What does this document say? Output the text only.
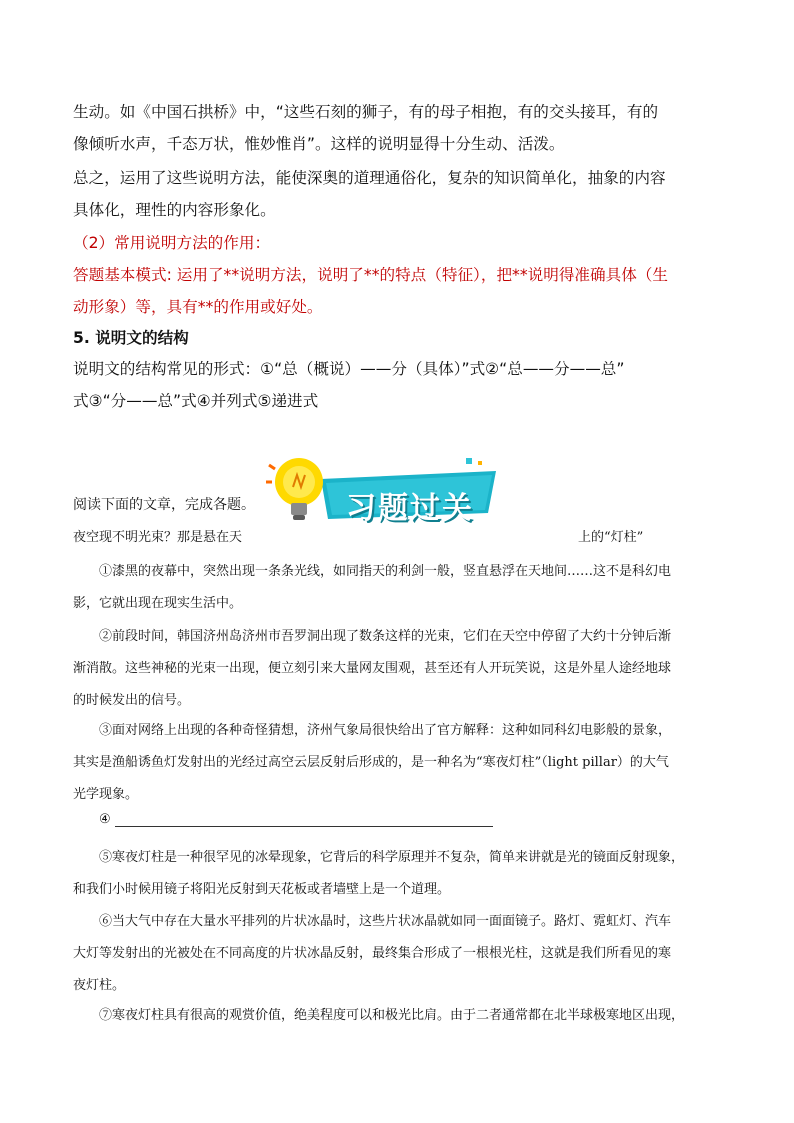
生动。如《中国石拱桥》中，“这些石刻的狮子，有的母子相抱，有的交头接耳，有的
像倾听水声，千态万状，惟妙惟肖”。这样的说明显得十分生动、活泼。
总之，运用了这些说明方法，能使深奥的道理通俗化，复杂的知识简单化，抽象的内容
具体化，理性的内容形象化。
（2）常用说明方法的作用：
答题基本模式: 运用了**说明方法，说明了**的特点（特征），把**说明得准确具体（生
动形象）等，具有**的作用或好处。
5. 说明文的结构
说明文的结构常见的形式：①“总（概说）——分（具体）”式②“总——分——总”
式③“分——总”式④并列式⑤递进式
习题过关
阅读下面的文章，完成各题。
夜空现不明光束？那是悬在天	上的“灯柱”
①漆黑的夜幕中，突然出现一条条光线，如同指天的利剑一般，竖直悬浮在天地间……这不是科幻电
影，它就出现在现实生活中。
②前段时间，韩国济州岛济州市吾罗洞出现了数条这样的光束，它们在天空中停留了大约十分钟后渐
渐消散。这些神秘的光束一出现，便立刻引来大量网友围观，甚至还有人开玩笑说，这是外星人途经地球
的时候发出的信号。
③面对网络上出现的各种奇怪猜想，济州气象局很快给出了官方解释：这种如同科幻电影般的景象，
其实是渔船诱鱼灯发射出的光经过高空云层反射后形成的，是一种名为“寒夜灯柱”（light pillar）的大气
光学现象。
④
⑤寒夜灯柱是一种很罕见的冰晕现象，它背后的科学原理并不复杂，简单来讲就是光的镜面反射现象，
和我们小时候用镜子将阳光反射到天花板或者墙壁上是一个道理。
⑥当大气中存在大量水平排列的片状冰晶时，这些片状冰晶就如同一面面镜子。路灯、霓虹灯、汽车
大灯等发射出的光被处在不同高度的片状冰晶反射，最终集合形成了一根根光柱，这就是我们所看见的寒
夜灯柱。
⑦寒夜灯柱具有很高的观赏价值，绝美程度可以和极光比肩。由于二者通常都在北半球极寒地区出现，
